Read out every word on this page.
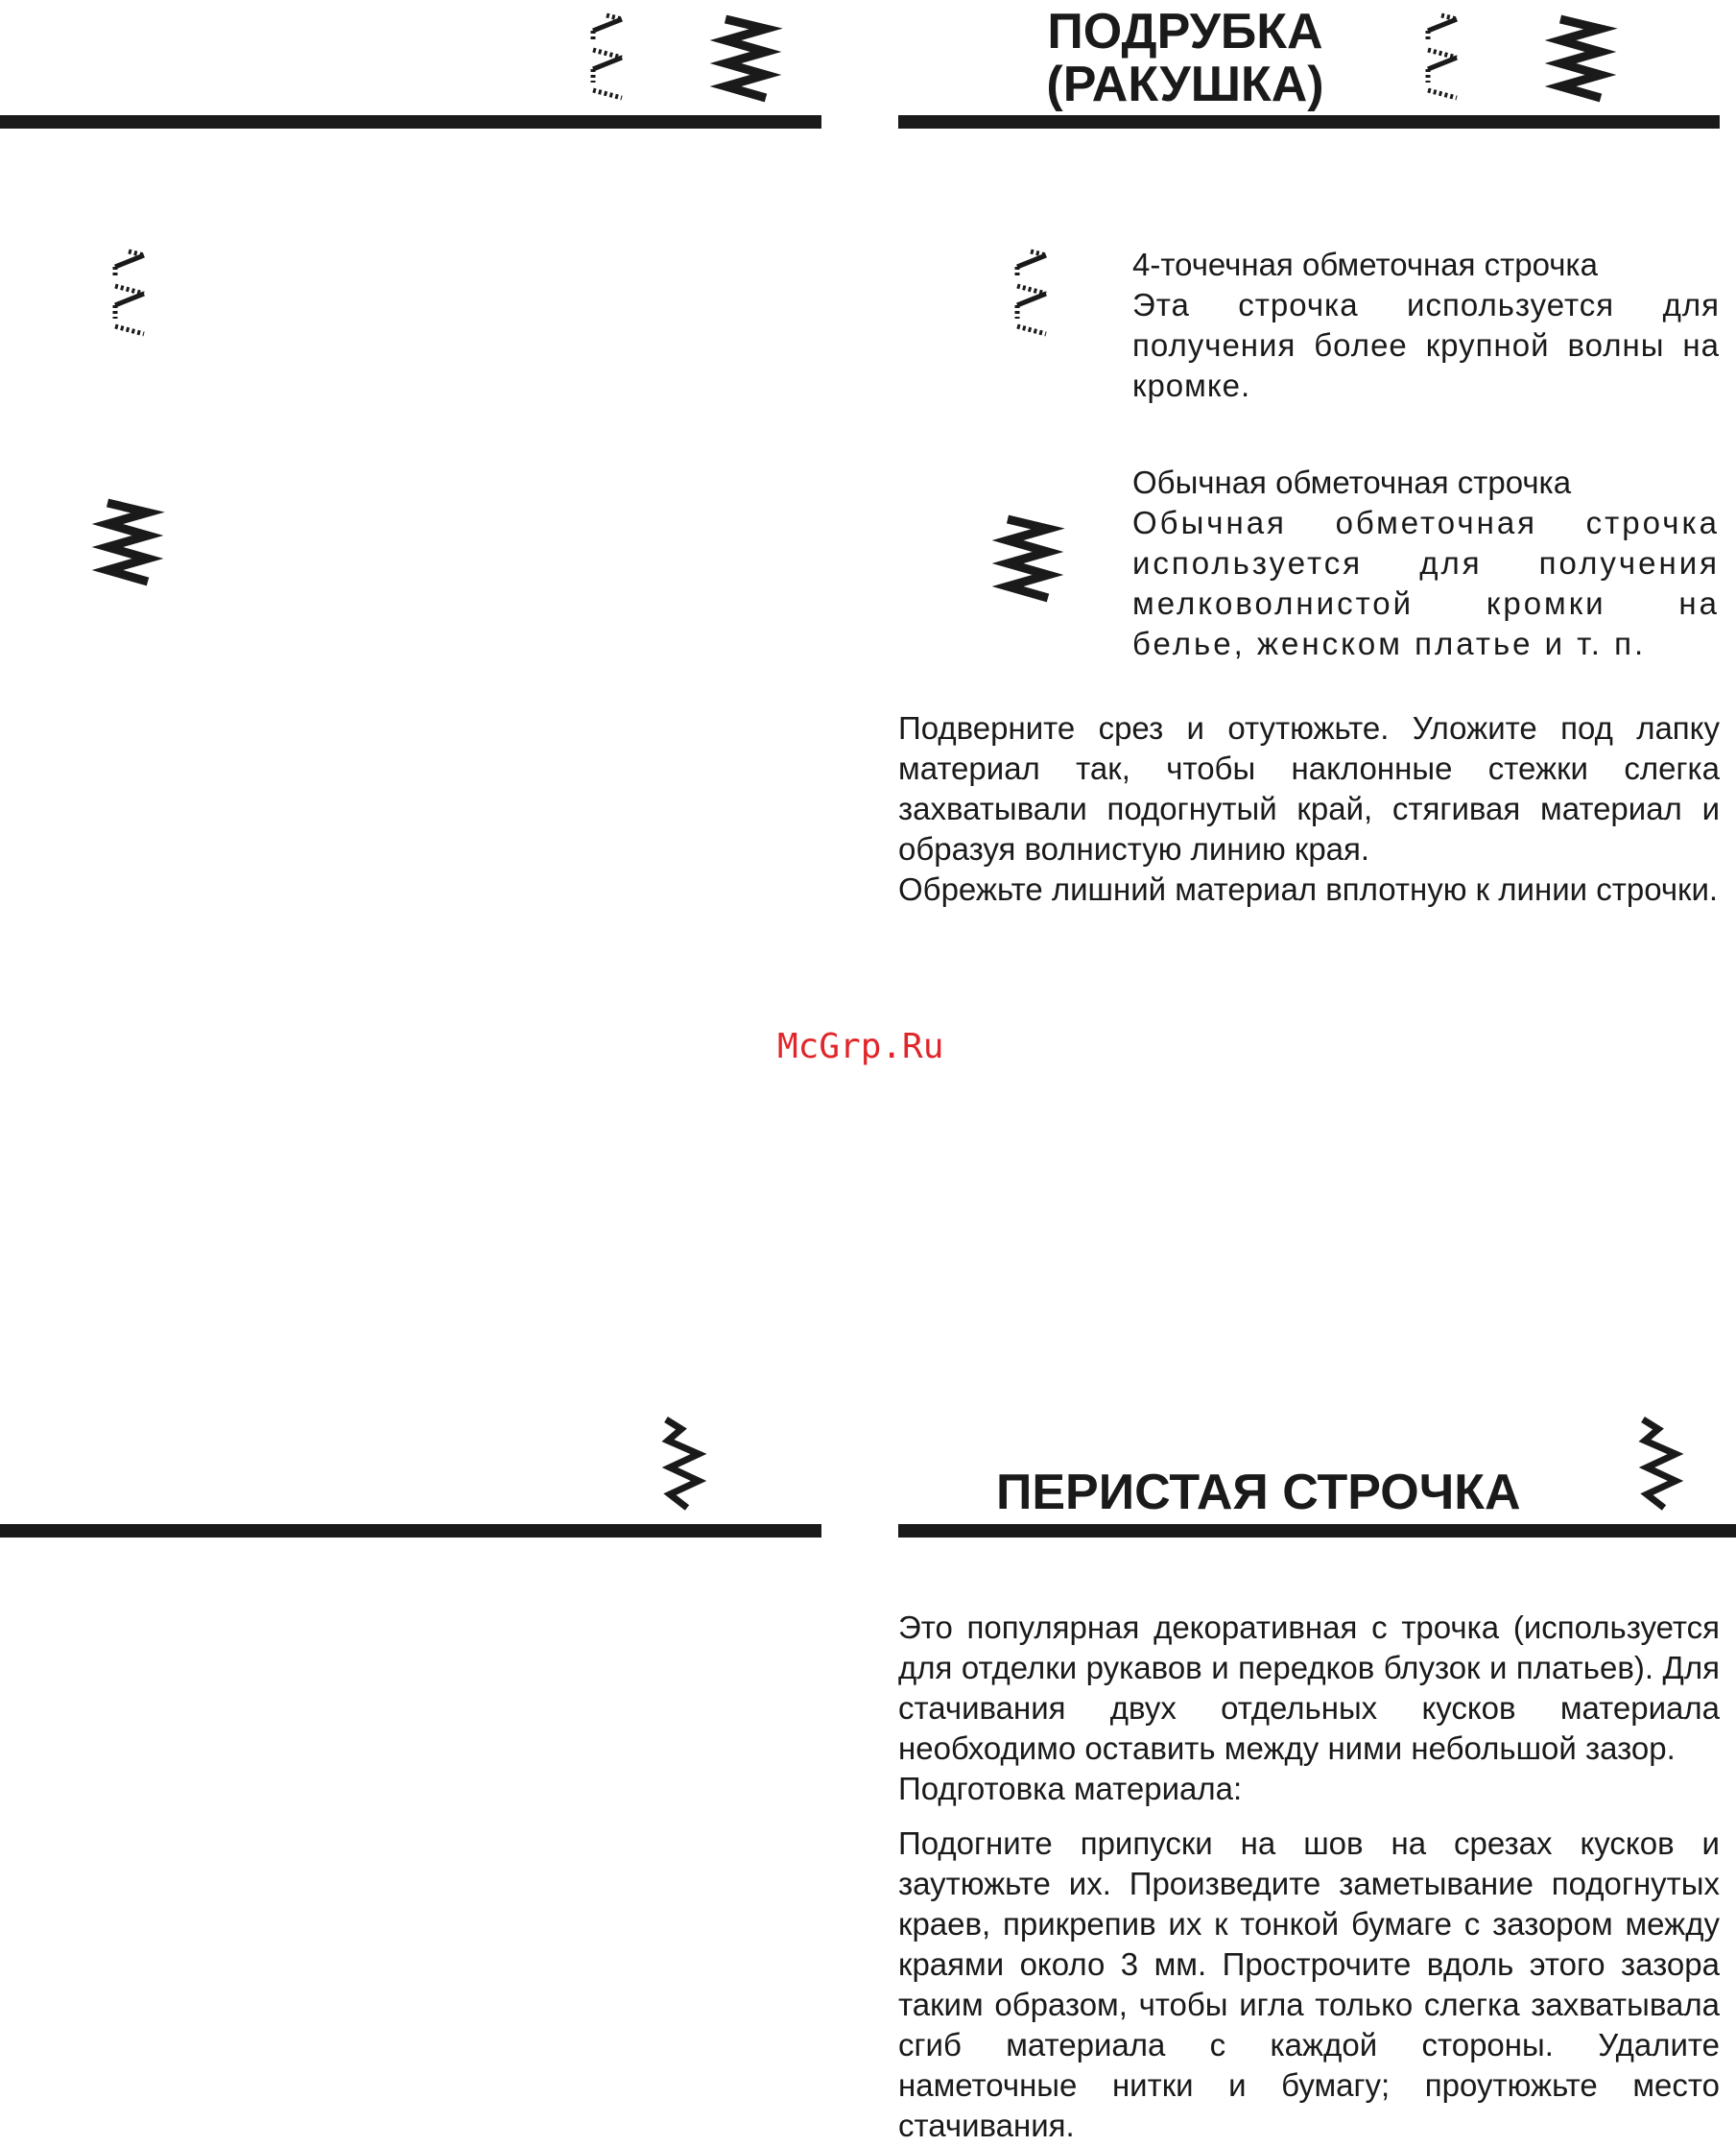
ПОДРУБКА
(РАКУШКА)

4-точечная обметочная строчка

Эта строчка используется для получения более крупной волны на кромке.

Обычная обметочная строчка

Обычная обметочная строчка используется для получения мелковолнистой кромки на белье, женском платье и т. п.

Подверните срез и отутюжьте. Уложите под лапку материал так, чтобы наклонные стежки слегка захватывали подогнутый край, стягивая материал и образуя волнистую линию края.

Обрежьте лишний материал вплотную к линии строчки.

McGrp.Ru
ПЕРИСТАЯ СТРОЧКА

Это популярная декоративная с трочка (используется для отделки рукавов и передков блузок и платьев). Для стачивания двух отдельных кусков материала необходимо оставить между ними небольшой зазор.

Подготовка материала:

Подогните припуски на шов на срезах кусков и заутюжьте их. Произведите заметывание подогнутых краев, прикрепив их к тонкой бумаге с зазором между краями около 3 мм. Прострочите вдоль этого зазора таким образом, чтобы игла только слегка захватывала сгиб материала с каждой стороны. Удалите наметочные нитки и бумагу; проутюжьте место стачивания.
